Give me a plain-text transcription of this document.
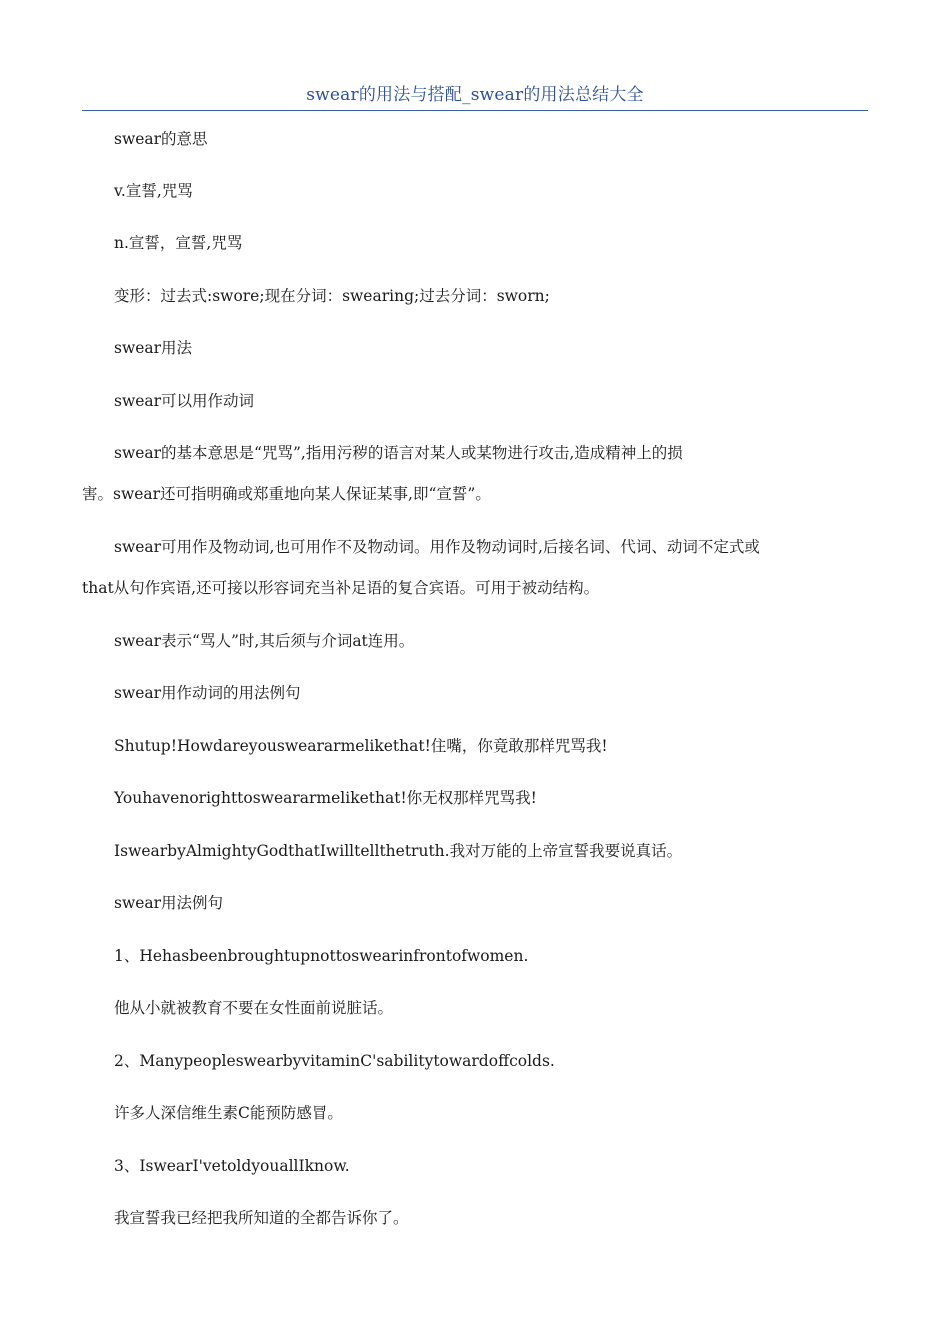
swear的用法与搭配_swear的用法总结大全
swear的意思
v.宣誓,咒骂
n.宣誓，宣誓,咒骂
变形：过去式:swore;现在分词：swearing;过去分词：sworn;
swear用法
swear可以用作动词
swear的基本意思是“咒骂”,指用污秽的语言对某人或某物进行攻击,造成精神上的损
害。swear还可指明确或郑重地向某人保证某事,即“宣誓”。
swear可用作及物动词,也可用作不及物动词。用作及物动词时,后接名词、代词、动词不定式或
that从句作宾语,还可接以形容词充当补足语的复合宾语。可用于被动结构。
swear表示“骂人”时,其后须与介词at连用。
swear用作动词的用法例句
Shutup!Howdareyousweararmelikethat!住嘴，你竟敢那样咒骂我!
Youhavenorighttosweararmelikethat!你无权那样咒骂我!
IswearbyAlmightyGodthatIwilltellthetruth.我对万能的上帝宣誓我要说真话。
swear用法例句
1、Hehasbeenbroughtupnottoswearinfrontofwomen.
他从小就被教育不要在女性面前说脏话。
2、ManypeopleswearbyvitaminC'sabilitytowardoffcolds.
许多人深信维生素C能预防感冒。
3、IswearI'vetoldyouallIknow.
我宣誓我已经把我所知道的全都告诉你了。
